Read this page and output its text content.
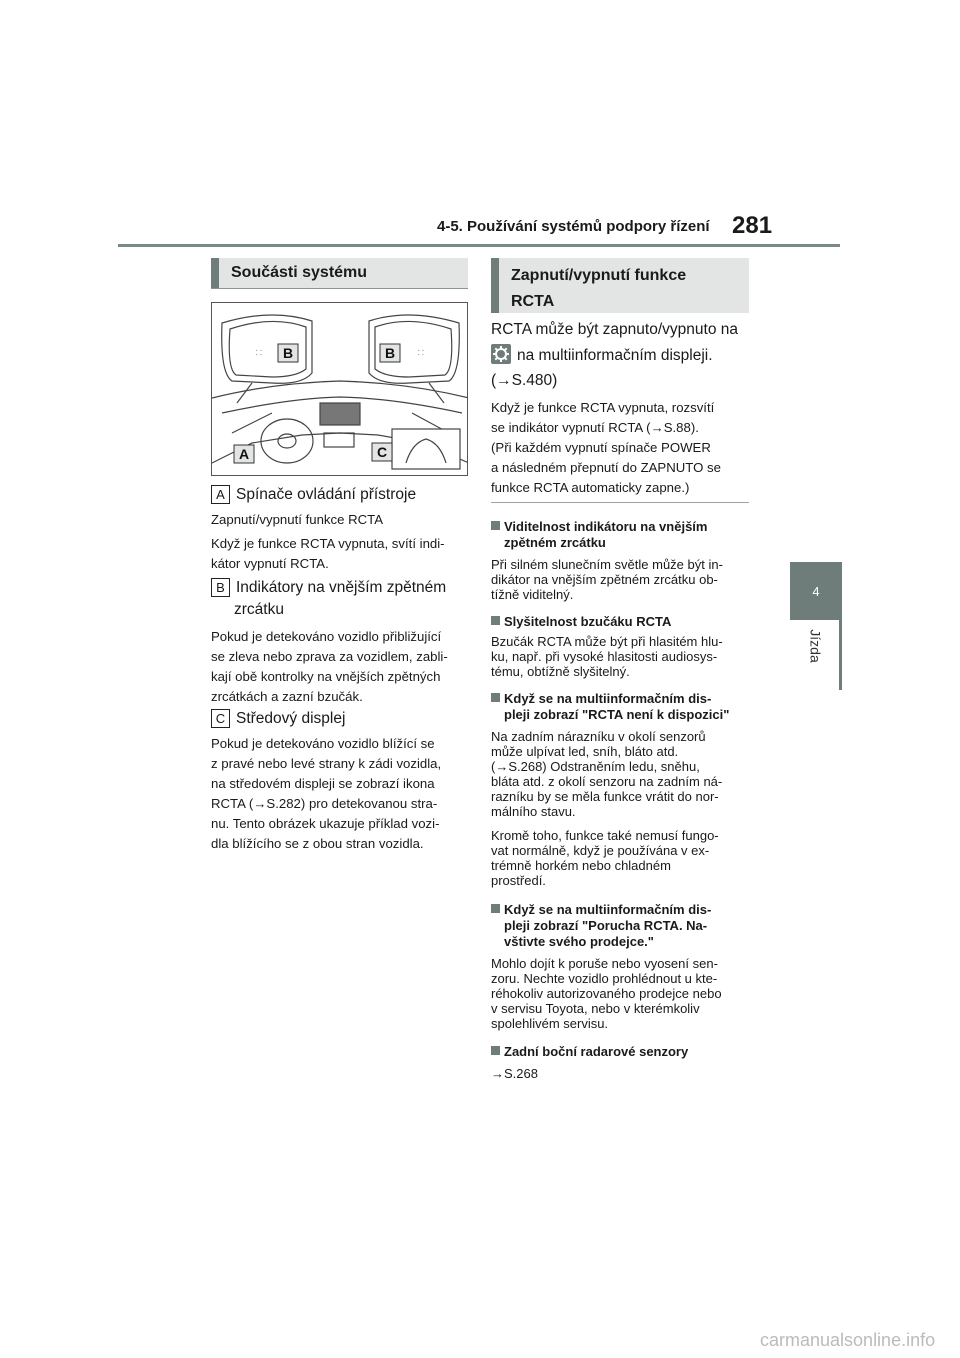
4-5. Používání systémů podpory řízení 281
4
Jízda
Součásti systému
⸬	⸬
B	B
A	C
A Spínače ovládání přístroje
Zapnutí/vypnutí funkce RCTA
Když je funkce RCTA vypnuta, svítí indi-
kátor vypnutí RCTA.
B Indikátory na vnějším zpětném
zrcátku
Pokud je detekováno vozidlo přibližující
se zleva nebo zprava za vozidlem, zabli-
kají obě kontrolky na vnějších zpětných
zrcátkách a zazní bzučák.
C Středový displej
Pokud je detekováno vozidlo blížící se
z pravé nebo levé strany k zádi vozidla,
na středovém displeji se zobrazí ikona
RCTA (→S.282) pro detekovanou stra-
nu. Tento obrázek ukazuje příklad vozi-
dla blížícího se z obou stran vozidla.
Zapnutí/vypnutí funkce
RCTA
RCTA může být zapnuto/vypnuto na
na multiinformačním displeji.
(→S.480)
Když je funkce RCTA vypnuta, rozsvítí
se indikátor vypnutí RCTA (→S.88).
(Při každém vypnutí spínače POWER
a následném přepnutí do ZAPNUTO se
funkce RCTA automaticky zapne.)
Viditelnost indikátoru na vnějším
zpětném zrcátku
Při silném slunečním světle může být in-
dikátor na vnějším zpětném zrcátku ob-
tížně viditelný.
Slyšitelnost bzučáku RCTA
Bzučák RCTA může být při hlasitém hlu-
ku, např. při vysoké hlasitosti audiosys-
tému, obtížně slyšitelný.
Když se na multiinformačním dis-
pleji zobrazí "RCTA není k dispozici"
Na zadním nárazníku v okolí senzorů
může ulpívat led, sníh, bláto atd.
(→S.268) Odstraněním ledu, sněhu,
bláta atd. z okolí senzoru na zadním ná-
razníku by se měla funkce vrátit do nor-
málního stavu.
Kromě toho, funkce také nemusí fungo-
vat normálně, když je používána v ex-
trémně horkém nebo chladném
prostředí.
Když se na multiinformačním dis-
pleji zobrazí "Porucha RCTA. Na-
vštivte svého prodejce."
Mohlo dojít k poruše nebo vyosení sen-
zoru. Nechte vozidlo prohlédnout u kte-
réhokoliv autorizovaného prodejce nebo
v servisu Toyota, nebo v kterémkoliv
spolehlivém servisu.
Zadní boční radarové senzory
→S.268
carmanualsonline.info
